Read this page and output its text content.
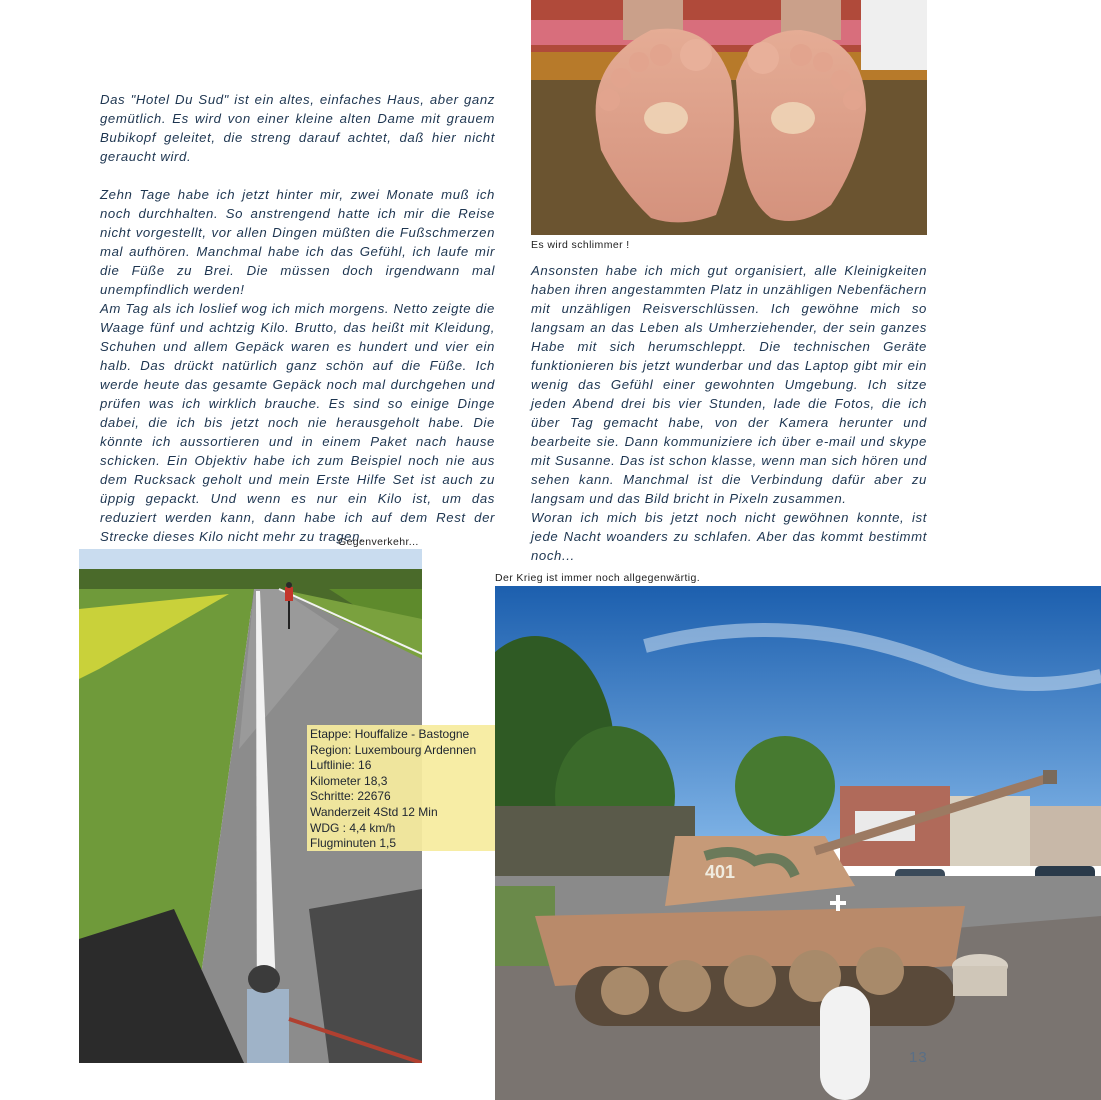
Das "Hotel Du Sud" ist ein altes, einfaches Haus, aber ganz gemütlich. Es wird von einer kleine alten Dame mit grauem Bubikopf geleitet, die streng darauf achtet, daß hier nicht geraucht wird.

Zehn Tage habe ich jetzt hinter mir, zwei Monate muß ich noch durchhalten. So anstrengend hatte ich mir die Reise nicht vorgestellt, vor allen Dingen müßten die Fußschmerzen mal aufhören. Manchmal habe ich das Gefühl, ich laufe mir die Füße zu Brei. Die müssen doch irgendwann mal unempfindlich werden!

Am Tag als ich loslief wog ich mich morgens. Netto zeigte die Waage fünf und achtzig Kilo. Brutto, das heißt mit Kleidung, Schuhen und allem Gepäck waren es hundert und vier ein halb. Das drückt natürlich ganz schön auf die Füße. Ich werde heute das gesamte Gepäck noch mal durchgehen und prüfen was ich wirklich brauche. Es sind so einige Dinge dabei, die ich bis jetzt noch nie herausgeholt habe. Die könnte ich aussortieren und in einem Paket nach hause schicken. Ein Objektiv habe ich zum Beispiel noch nie aus dem Rucksack geholt und mein Erste Hilfe Set ist auch zu üppig gepackt. Und wenn es nur ein Kilo ist, um das reduziert werden kann, dann habe ich auf dem Rest der Strecke dieses Kilo nicht mehr zu tragen.

Es wird schlimmer !

Ansonsten habe ich mich gut organisiert, alle Kleinigkeiten haben ihren angestammten Platz in unzähligen Nebenfächern mit unzähligen Reisverschlüssen. Ich gewöhne mich so langsam an das Leben als Umherziehender, der sein ganzes Habe mit sich herumschleppt. Die technischen Geräte funktionieren bis jetzt wunderbar und das Laptop gibt mir ein wenig das Gefühl einer gewohnten Umgebung. Ich sitze jeden Abend drei bis vier Stunden, lade die Fotos, die ich über Tag gemacht habe, von der Kamera herunter und bearbeite sie. Dann kommuniziere ich über e-mail und skype mit Susanne. Das ist schon klasse, wenn man sich hören und sehen kann. Manchmal ist die Verbindung dafür aber zu langsam und das Bild bricht in Pixeln zusammen.

Woran ich mich bis jetzt noch nicht gewöhnen konnte, ist jede Nacht woanders zu schlafen. Aber das kommt bestimmt noch...

Gegenverkehr...
Der Krieg ist immer noch allgegenwärtig.
401
Etappe: Houffalize - Bastogne
Region: Luxembourg Ardennen
Luftlinie: 16
Kilometer 18,3
Schritte: 22676
Wanderzeit 4Std 12 Min
WDG : 4,4 km/h
Flugminuten 1,5
13
